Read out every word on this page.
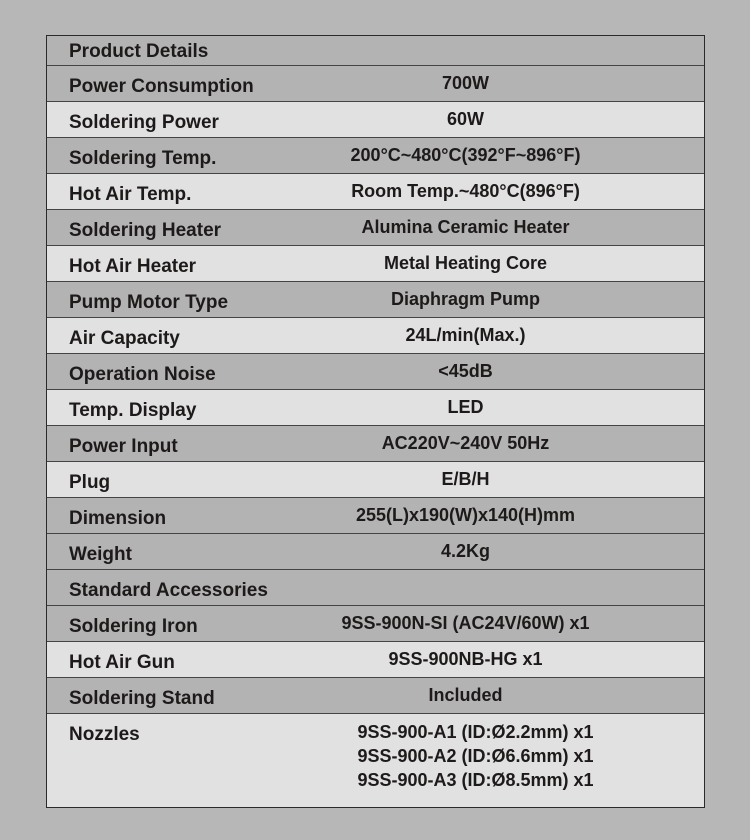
Product Details
Power Consumption	700W
Soldering Power	60W
Soldering Temp.	200°C~480°C(392°F~896°F)
Hot Air Temp.	Room Temp.~480°C(896°F)
Soldering Heater	Alumina Ceramic Heater
Hot Air Heater	Metal Heating Core
Pump Motor Type	Diaphragm Pump
Air Capacity	24L/min(Max.)
Operation Noise	<45dB
Temp. Display	LED
Power Input	AC220V~240V 50Hz
Plug	E/B/H
Dimension	255(L)x190(W)x140(H)mm
Weight	4.2Kg
Standard Accessories
Soldering Iron	9SS-900N-SI (AC24V/60W) x1
Hot Air Gun	9SS-900NB-HG x1
Soldering Stand	Included
Nozzles	9SS-900-A1 (ID:Ø2.2mm) x1
9SS-900-A2 (ID:Ø6.6mm) x1
9SS-900-A3 (ID:Ø8.5mm) x1
